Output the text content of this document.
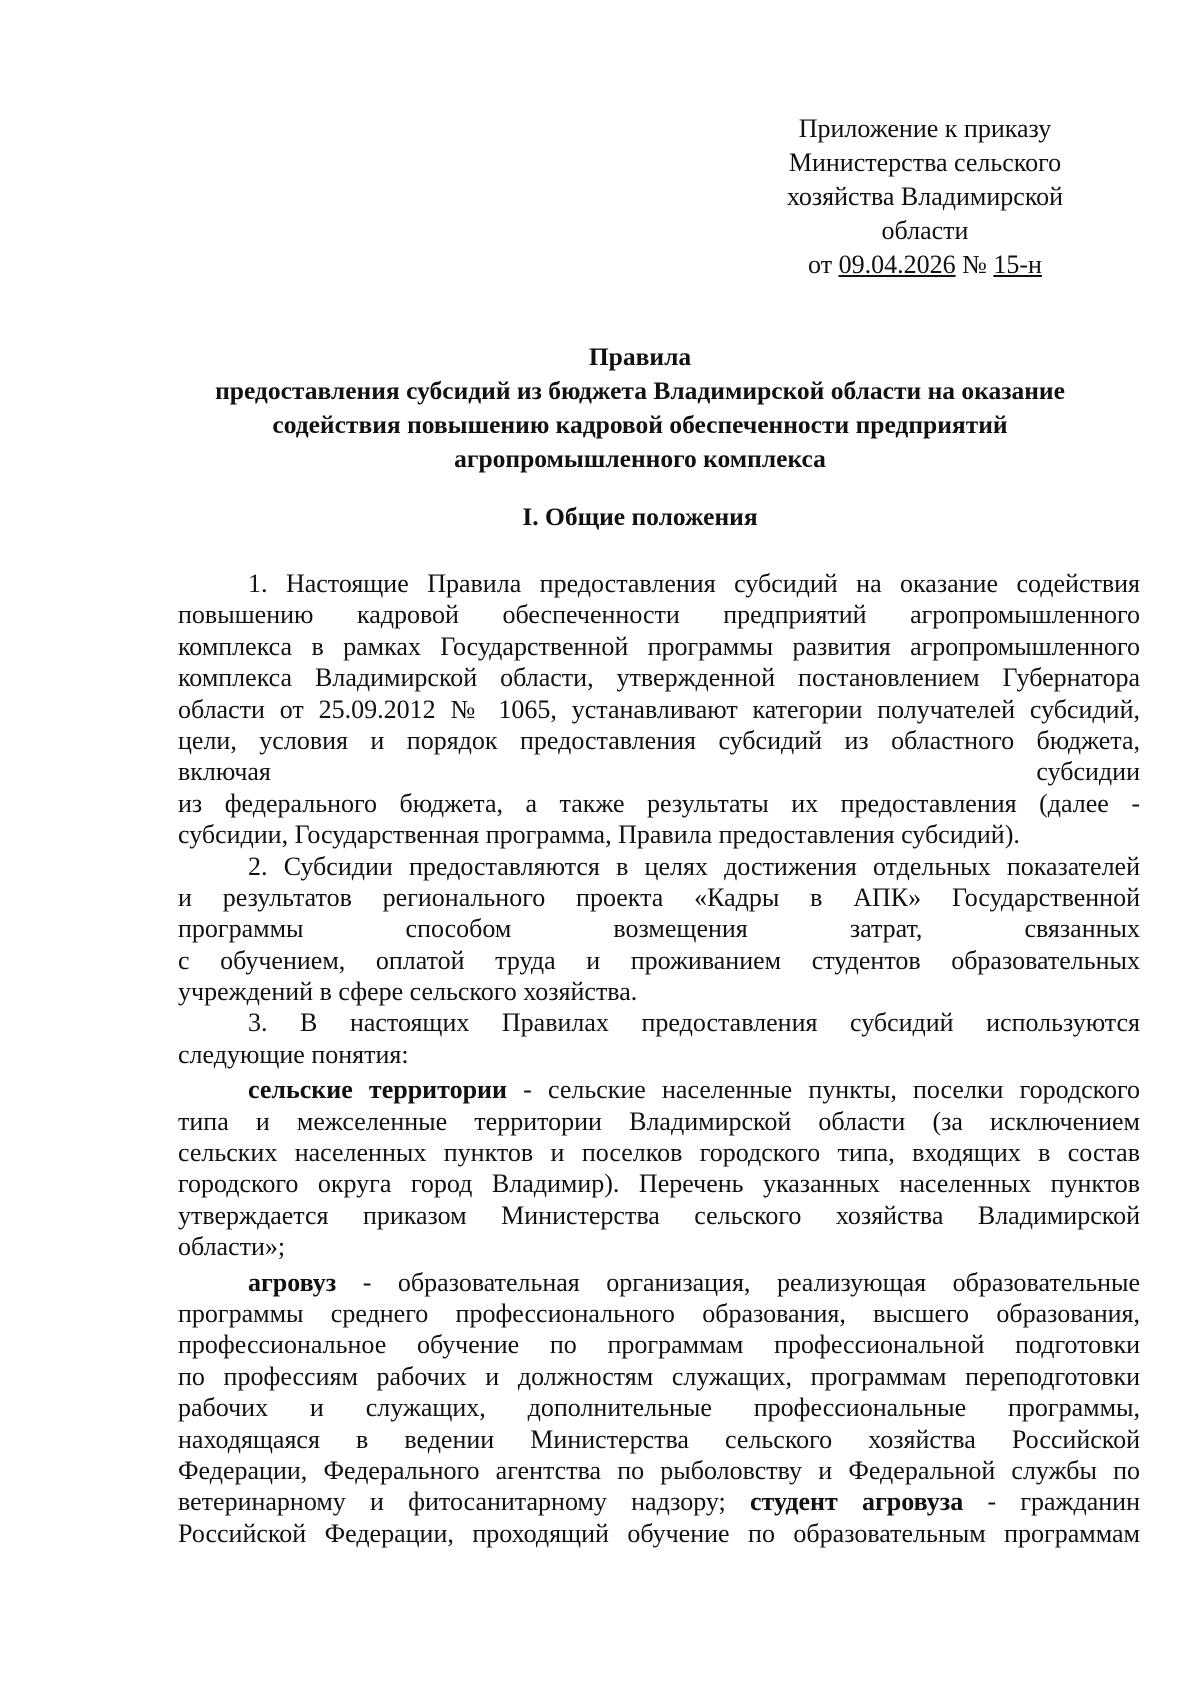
Приложение к приказу
Министерства сельского
хозяйства Владимирской
области
от 09.04.2026 № 15-н
Правила
предоставления субсидий из бюджета Владимирской области на оказание
содействия повышению кадровой обеспеченности предприятий
агропромышленного комплекса
I. Общие положения
1. Настоящие Правила предоставления субсидий на оказание содействия
повышению кадровой обеспеченности предприятий агропромышленного
комплекса в рамках Государственной программы развития агропромышленного
комплекса Владимирской области, утвержденной постановлением Губернатора
области от 25.09.2012 № 1065, устанавливают категории получателей субсидий,
цели, условия и порядок предоставления субсидий из областного бюджета,
включая субсидии
из федерального бюджета, а также результаты их предоставления (далее -
субсидии, Государственная программа, Правила предоставления субсидий).
2. Субсидии предоставляются в целях достижения отдельных показателей
и результатов регионального проекта «Кадры в АПК» Государственной
программы способом возмещения затрат, связанных
с обучением, оплатой труда и проживанием студентов образовательных
учреждений в сфере сельского хозяйства.
3. В настоящих Правилах предоставления субсидий используются
следующие понятия:
сельские территории - сельские населенные пункты, поселки городского
типа и межселенные территории Владимирской области (за исключением
сельских населенных пунктов и поселков городского типа, входящих в состав
городского округа город Владимир). Перечень указанных населенных пунктов
утверждается приказом Министерства сельского хозяйства Владимирской
области»;
агровуз - образовательная организация, реализующая образовательные
программы среднего профессионального образования, высшего образования,
профессиональное обучение по программам профессиональной подготовки
по профессиям рабочих и должностям служащих, программам переподготовки
рабочих и служащих, дополнительные профессиональные программы,
находящаяся в ведении Министерства сельского хозяйства Российской
Федерации, Федерального агентства по рыболовству и Федеральной службы по
ветеринарному и фитосанитарному надзору; студент агровуза - гражданин
Российской Федерации, проходящий обучение по образовательным программам
